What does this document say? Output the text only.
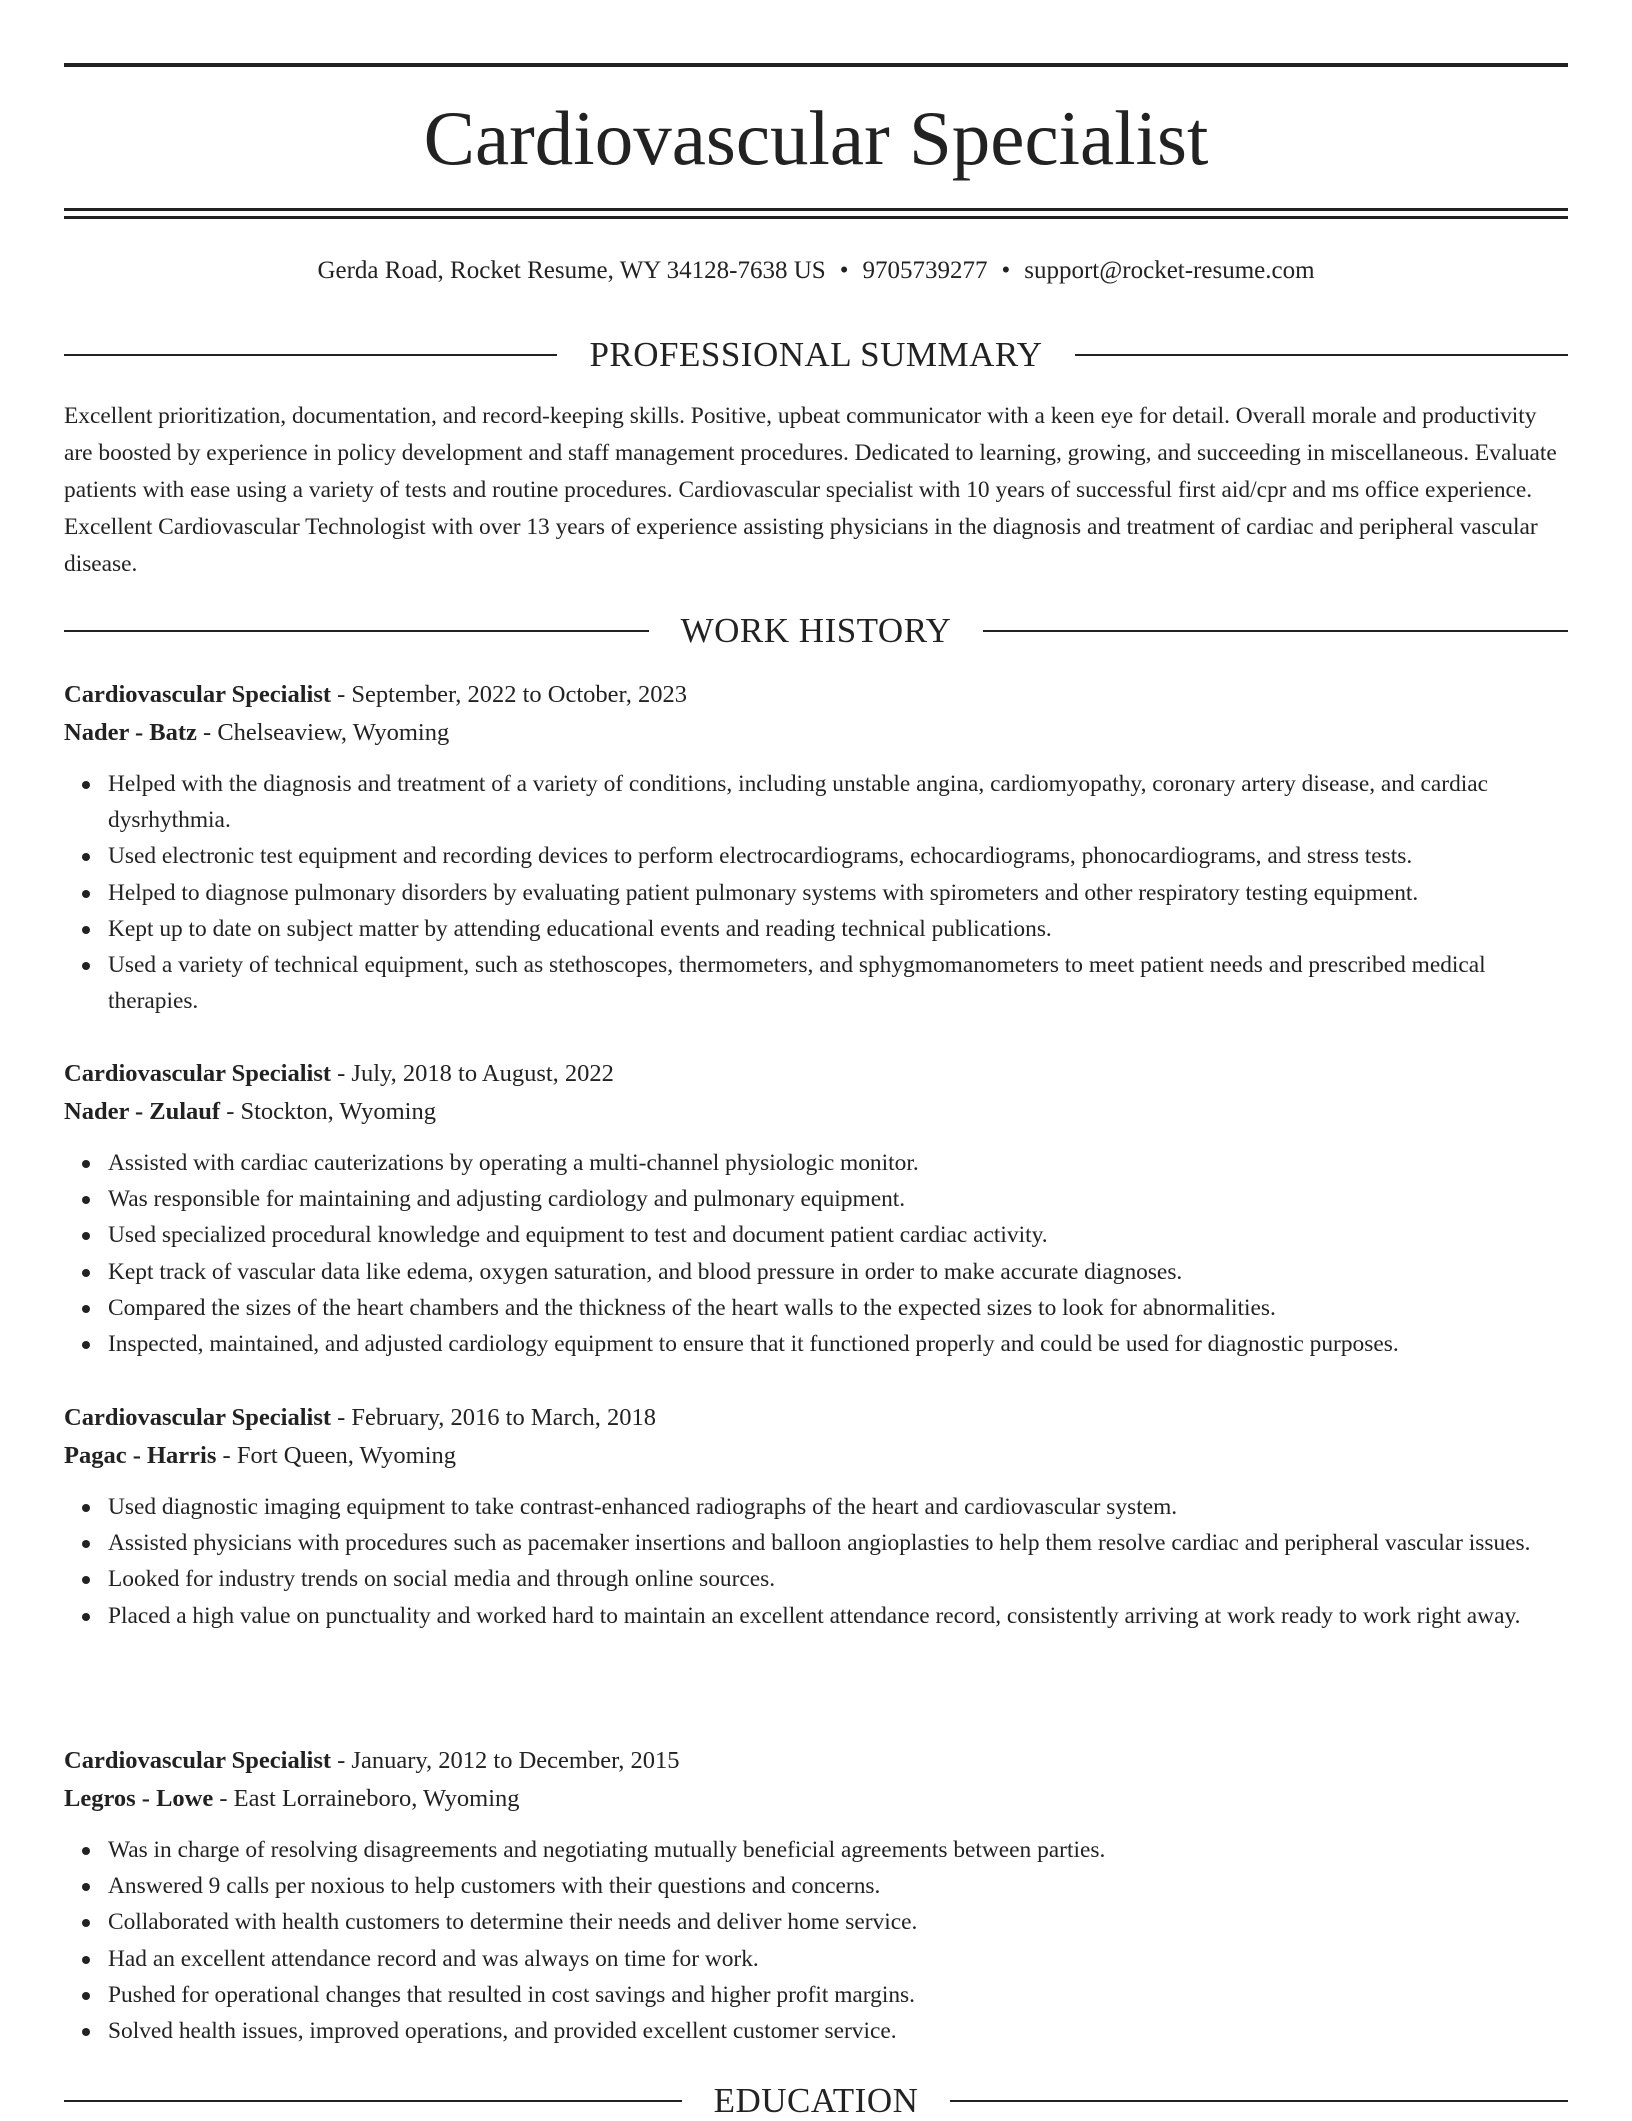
Cardiovascular Specialist
Gerda Road, Rocket Resume, WY 34128-7638 US • 9705739277 • support@rocket-resume.com
PROFESSIONAL SUMMARY
Excellent prioritization, documentation, and record-keeping skills. Positive, upbeat communicator with a keen eye for detail. Overall morale and productivity are boosted by experience in policy development and staff management procedures. Dedicated to learning, growing, and succeeding in miscellaneous. Evaluate patients with ease using a variety of tests and routine procedures. Cardiovascular specialist with 10 years of successful first aid/cpr and ms office experience. Excellent Cardiovascular Technologist with over 13 years of experience assisting physicians in the diagnosis and treatment of cardiac and peripheral vascular disease.
WORK HISTORY
Cardiovascular Specialist - September, 2022 to October, 2023
Nader - Batz - Chelseaview, Wyoming
Helped with the diagnosis and treatment of a variety of conditions, including unstable angina, cardiomyopathy, coronary artery disease, and cardiac dysrhythmia.
Used electronic test equipment and recording devices to perform electrocardiograms, echocardiograms, phonocardiograms, and stress tests.
Helped to diagnose pulmonary disorders by evaluating patient pulmonary systems with spirometers and other respiratory testing equipment.
Kept up to date on subject matter by attending educational events and reading technical publications.
Used a variety of technical equipment, such as stethoscopes, thermometers, and sphygmomanometers to meet patient needs and prescribed medical therapies.
Cardiovascular Specialist - July, 2018 to August, 2022
Nader - Zulauf - Stockton, Wyoming
Assisted with cardiac cauterizations by operating a multi-channel physiologic monitor.
Was responsible for maintaining and adjusting cardiology and pulmonary equipment.
Used specialized procedural knowledge and equipment to test and document patient cardiac activity.
Kept track of vascular data like edema, oxygen saturation, and blood pressure in order to make accurate diagnoses.
Compared the sizes of the heart chambers and the thickness of the heart walls to the expected sizes to look for abnormalities.
Inspected, maintained, and adjusted cardiology equipment to ensure that it functioned properly and could be used for diagnostic purposes.
Cardiovascular Specialist - February, 2016 to March, 2018
Pagac - Harris - Fort Queen, Wyoming
Used diagnostic imaging equipment to take contrast-enhanced radiographs of the heart and cardiovascular system.
Assisted physicians with procedures such as pacemaker insertions and balloon angioplasties to help them resolve cardiac and peripheral vascular issues.
Looked for industry trends on social media and through online sources.
Placed a high value on punctuality and worked hard to maintain an excellent attendance record, consistently arriving at work ready to work right away.
Cardiovascular Specialist - January, 2012 to December, 2015
Legros - Lowe - East Lorraineboro, Wyoming
Was in charge of resolving disagreements and negotiating mutually beneficial agreements between parties.
Answered 9 calls per noxious to help customers with their questions and concerns.
Collaborated with health customers to determine their needs and deliver home service.
Had an excellent attendance record and was always on time for work.
Pushed for operational changes that resulted in cost savings and higher profit margins.
Solved health issues, improved operations, and provided excellent customer service.
EDUCATION
